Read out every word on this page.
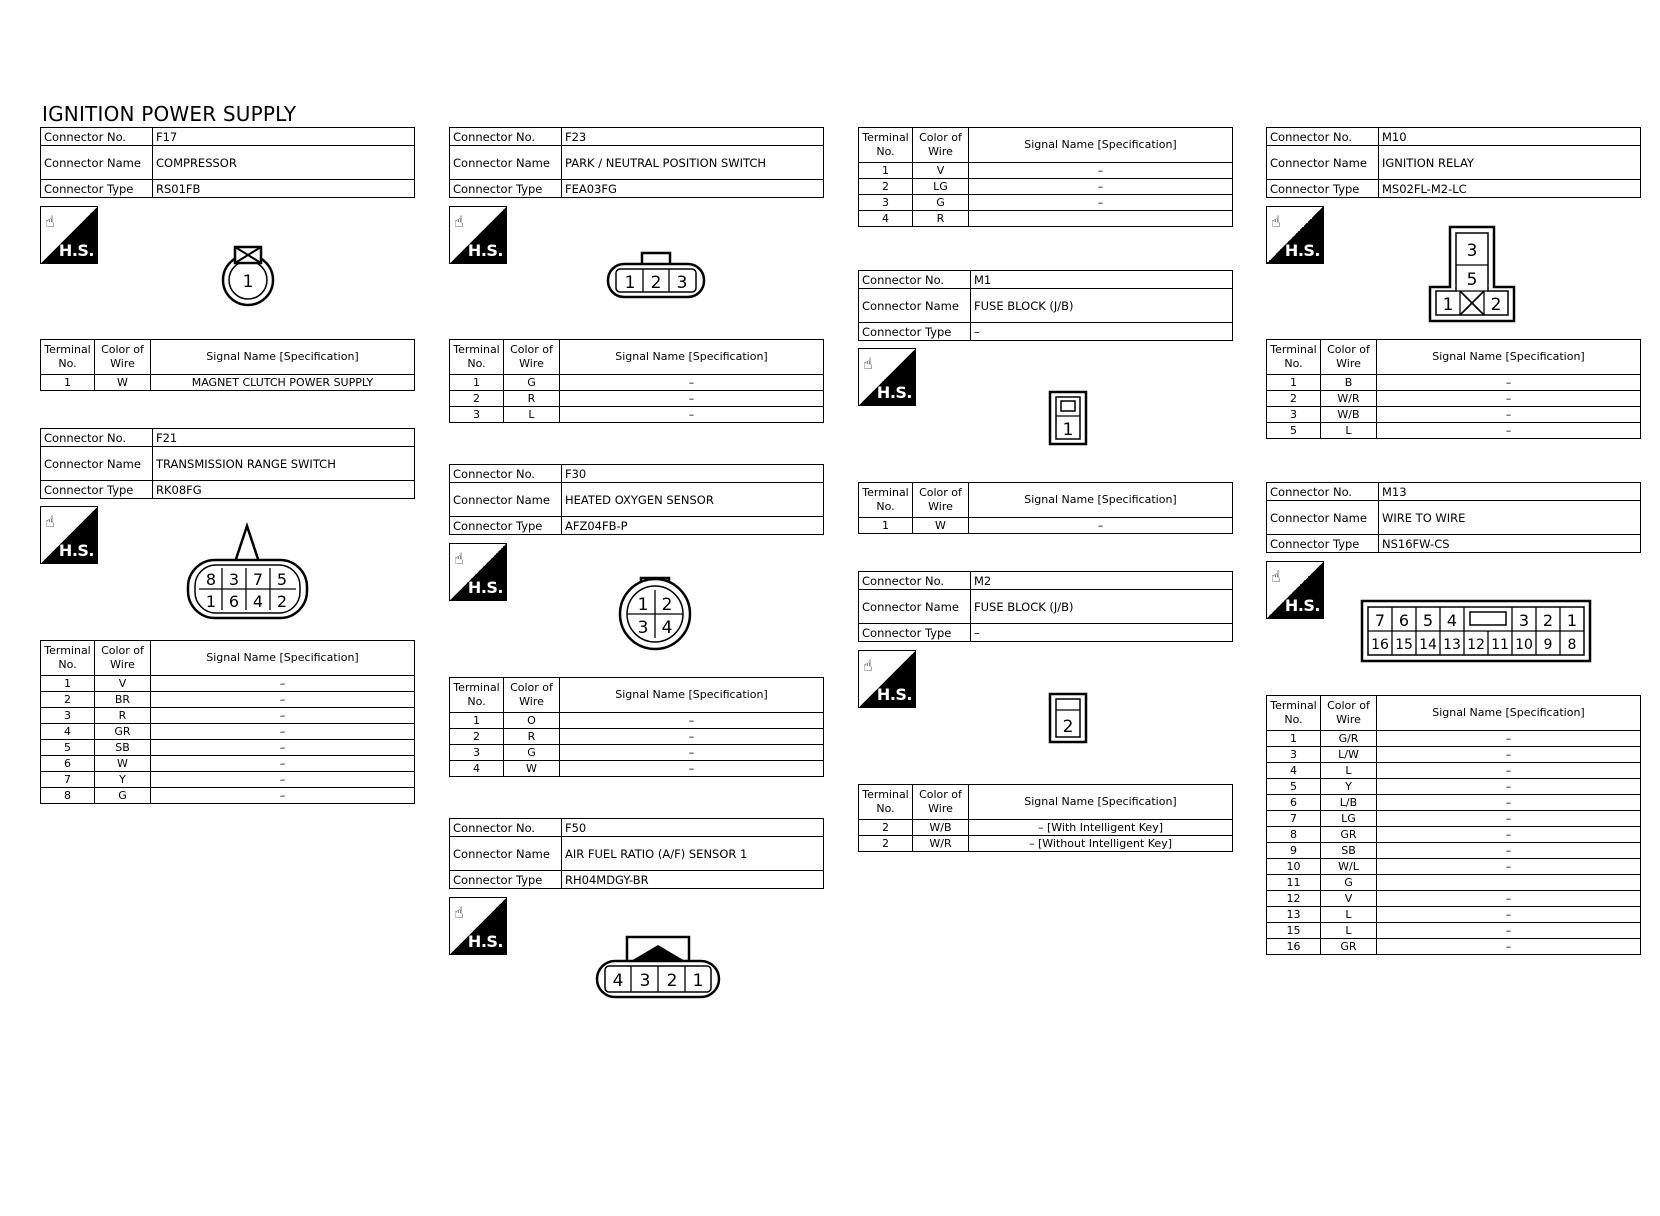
IGNITION POWER SUPPLY
Connector No.	F17
Connector Name	COMPRESSOR
Connector Type	RS01FB
☝
H.S.
1
Terminal No.	Color of Wire	Signal Name [Specification]
1	W	MAGNET CLUTCH POWER SUPPLY
Connector No.	F21
Connector Name	TRANSMISSION RANGE SWITCH
Connector Type	RK08FG
☝
H.S.
8 3 7 5
1 6 4 2
Terminal No.	Color of Wire	Signal Name [Specification]
1	V	–
2	BR	–
3	R	–
4	GR	–
5	SB	–
6	W	–
7	Y	–
8	G	–
Connector No.	F23
Connector Name	PARK / NEUTRAL POSITION SWITCH
Connector Type	FEA03FG
☝
H.S.
1 2 3
Terminal No.	Color of Wire	Signal Name [Specification]
1	G	–
2	R	–
3	L	–
Connector No.	F30
Connector Name	HEATED OXYGEN SENSOR
Connector Type	AFZ04FB-P
☝
H.S.
1 2
3 4
Terminal No.	Color of Wire	Signal Name [Specification]
1	O	–
2	R	–
3	G	–
4	W	–
Connector No.	F50
Connector Name	AIR FUEL RATIO (A/F) SENSOR 1
Connector Type	RH04MDGY-BR
☝
H.S.
4 3 2 1
Terminal No.	Color of Wire	Signal Name [Specification]
1	V	–
2	LG	–
3	G	–
4	R	
Connector No.	M1
Connector Name	FUSE BLOCK (J/B)
Connector Type	–
☝
H.S.
1
Terminal No.	Color of Wire	Signal Name [Specification]
1	W	–
Connector No.	M2
Connector Name	FUSE BLOCK (J/B)
Connector Type	–
☝
H.S.
2
Terminal No.	Color of Wire	Signal Name [Specification]
2	W/B	– [With Intelligent Key]
2	W/R	– [Without Intelligent Key]
Connector No.	M10
Connector Name	IGNITION RELAY
Connector Type	MS02FL-M2-LC
☝
H.S.	3
5
1 2
Terminal No.	Color of Wire	Signal Name [Specification]
1	B	–
2	W/R	–
3	W/B	–
5	L	–
Connector No.	M13
Connector Name	WIRE TO WIRE
Connector Type	NS16FW-CS
☝
H.S.
7 6 5 4	3 2 1
16 15 14 13 12 11 10 9 8
Terminal No.	Color of Wire	Signal Name [Specification]
1	G/R	–
3	L/W	–
4	L	–
5	Y	–
6	L/B	–
7	LG	–
8	GR	–
9	SB	–
10	W/L	–
11	G	
12	V	–
13	L	–
15	L	–
16	GR	–
